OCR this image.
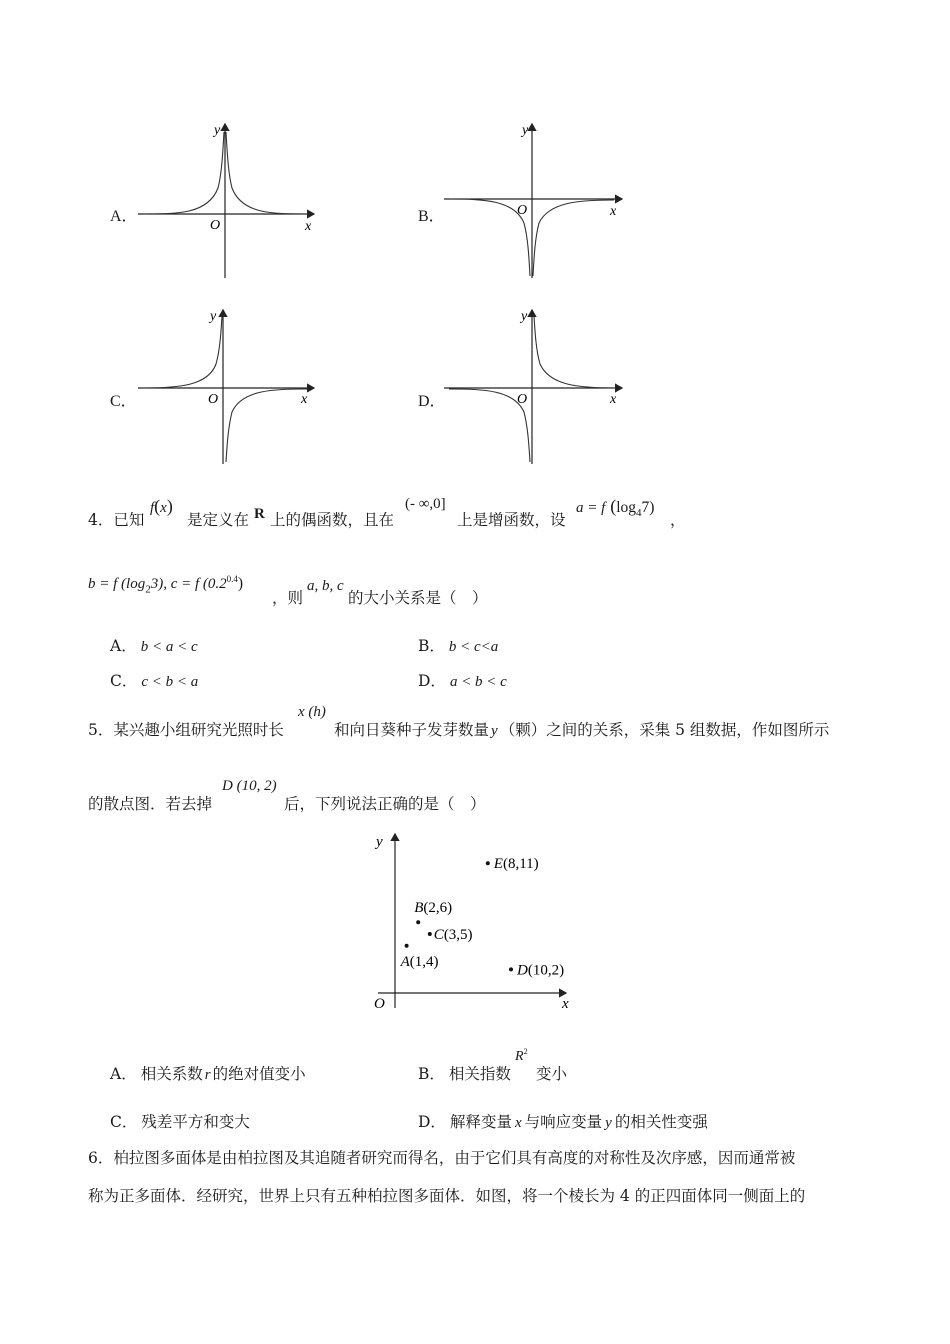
A．
y
x
O
B．
y
x
O
C．
y
x
O	D．
y
x
O
4．已知
f(x)
是定义在 R 上的偶函数，且在
(- ∞,0]
上是增函数，设
a = f $(\log_47)$
，
b = f $(\log_23)$, c = f $(0.2^{0.4})$
，则
a, b, c
的大小关系是（　）
A． b < a < c	B． b < c<a
C． c < b < a	D． a < b < c
5．某兴趣小组研究光照时长
x (h)
和向日葵种子发芽数量 y （颗）之间的关系，采集 5 组数据，作如图所示
的散点图．若去掉
D (10, 2)
后，下列说法正确的是（　）
y
x
O
A(1,4)
B(2,6)
C(3,5)
D(10,2)
E(8,11)
A． 相关系数 r 的绝对值变小	B． 相关指数
$R^2$
变小
C． 残差平方和变大	D． 解释变量 x 与响应变量 y 的相关性变强
6．柏拉图多面体是由柏拉图及其追随者研究而得名，由于它们具有高度的对称性及次序感，因而通常被
称为正多面体．经研究，世界上只有五种柏拉图多面体．如图，将一个棱长为 4 的正四面体同一侧面上的
